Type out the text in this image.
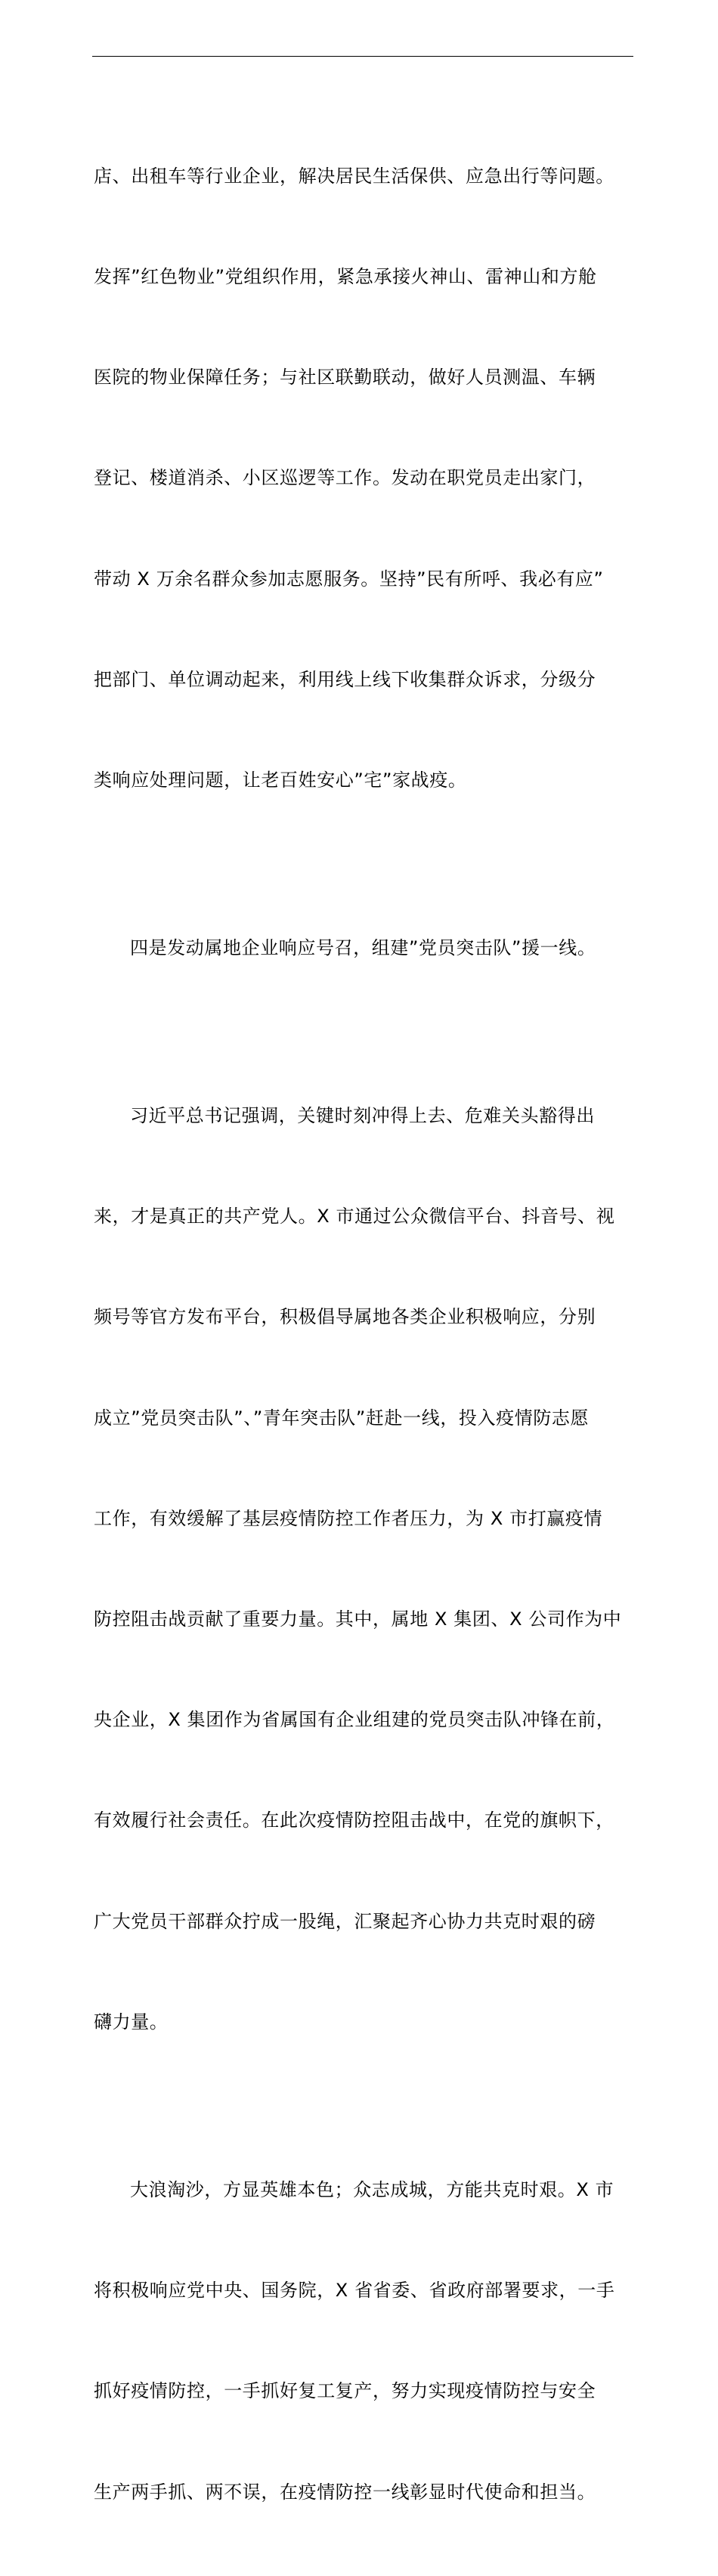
店、出租车等行业企业，解决居民生活保供、应急出行等问题。

发挥”红色物业”党组织作用，紧急承接火神山、雷神山和方舱

医院的物业保障任务；与社区联勤联动，做好人员测温、车辆

登记、楼道消杀、小区巡逻等工作。发动在职党员走出家门，

带动 X 万余名群众参加志愿服务。坚持”民有所呼、我必有应”

把部门、单位调动起来，利用线上线下收集群众诉求，分级分

类响应处理问题，让老百姓安心”宅”家战疫。

四是发动属地企业响应号召，组建”党员突击队”援一线。

习近平总书记强调，关键时刻冲得上去、危难关头豁得出

来，才是真正的共产党人。X 市通过公众微信平台、抖音号、视

频号等官方发布平台，积极倡导属地各类企业积极响应，分别

成立”党员突击队”、”青年突击队”赶赴一线，投入疫情防志愿

工作，有效缓解了基层疫情防控工作者压力，为 X 市打赢疫情

防控阻击战贡献了重要力量。其中，属地 X 集团、X 公司作为中

央企业，X 集团作为省属国有企业组建的党员突击队冲锋在前，

有效履行社会责任。在此次疫情防控阻击战中，在党的旗帜下，

广大党员干部群众拧成一股绳，汇聚起齐心协力共克时艰的磅

礴力量。

大浪淘沙，方显英雄本色；众志成城，方能共克时艰。X 市

将积极响应党中央、国务院，X 省省委、省政府部署要求，一手

抓好疫情防控，一手抓好复工复产，努力实现疫情防控与安全

生产两手抓、两不误，在疫情防控一线彰显时代使命和担当。
